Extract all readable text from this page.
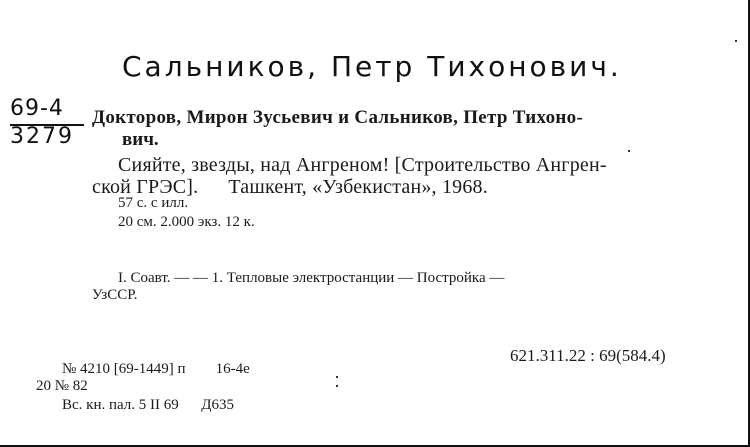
Сальников, Петр Тихонович.
69-4
3279
Докторов, Мирон Зусьевич и Сальников, Петр Тихоно-
вич.
Сияйте, звезды, над Ангреном! [Строительство Ангрен-
ской ГРЭС]. Ташкент, «Узбекистан», 1968.
57 с. с илл.
20 см. 2.000 экз. 12 к.
I. Соавт. — — 1. Тепловые электростанции — Постройка —
УзССР.
621.311.22 : 69(584.4)
№ 4210 [69-1449] п        16-4е
20 № 82
Вс. кн. пал. 5 II 69      Д635
